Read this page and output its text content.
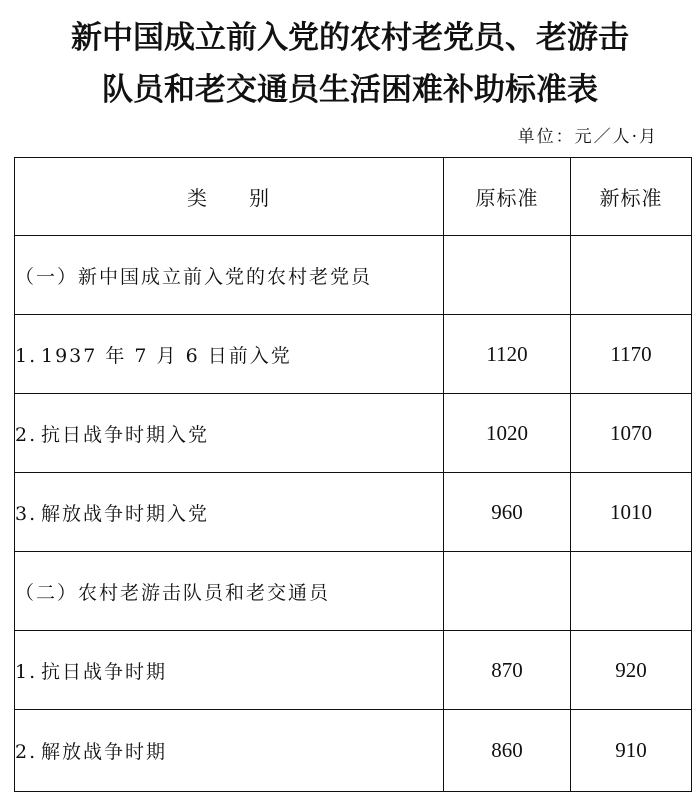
新中国成立前入党的农村老党员、老游击
队员和老交通员生活困难补助标准表
单位：元／人·月
类 别	原标准	新标准
（一）新中国成立前入党的农村老党员		
1. 1937 年 7 月 6 日前入党	1120	1170
2. 抗日战争时期入党	1020	1070
3. 解放战争时期入党	960	1010
（二）农村老游击队员和老交通员		
1. 抗日战争时期	870	920
2. 解放战争时期	860	910
